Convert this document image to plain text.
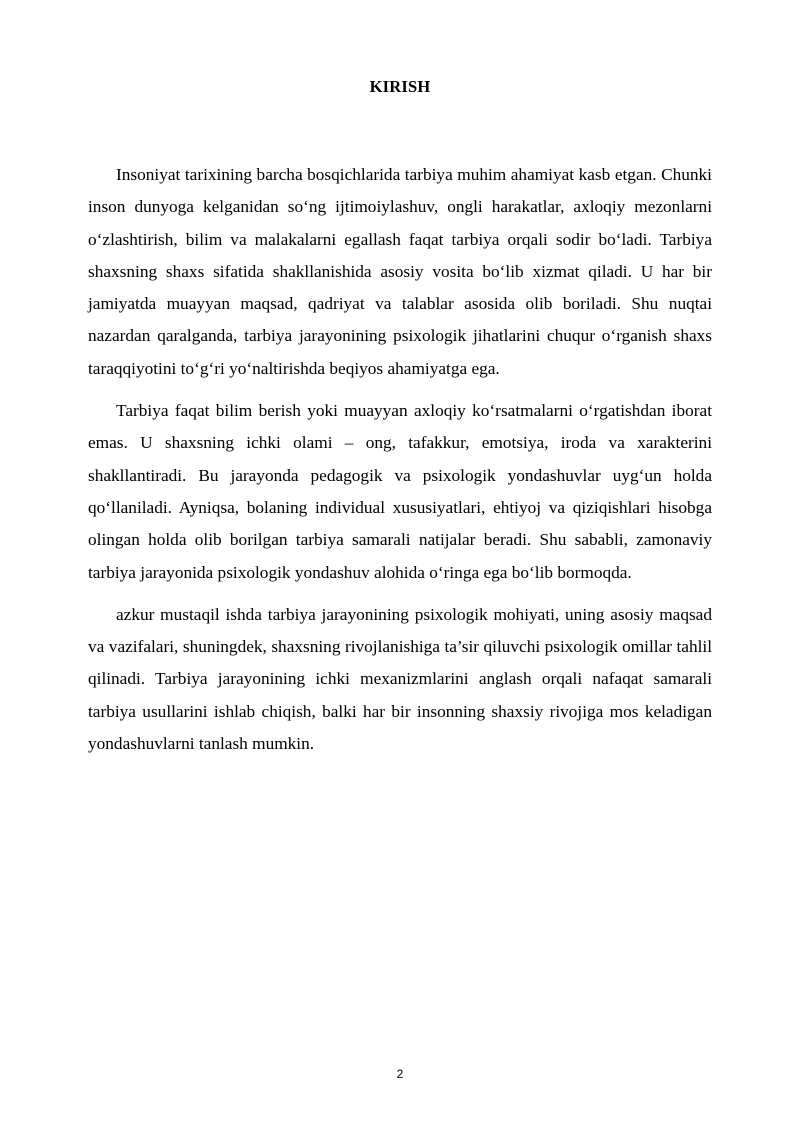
KIRISH

Insoniyat tarixining barcha bosqichlarida tarbiya muhim ahamiyat kasb etgan. Chunki inson dunyoga kelganidan so‘ng ijtimoiylashuv, ongli harakatlar, axloqiy mezonlarni o‘zlashtirish, bilim va malakalarni egallash faqat tarbiya orqali sodir bo‘ladi. Tarbiya shaxsning shaxs sifatida shakllanishida asosiy vosita bo‘lib xizmat qiladi. U har bir jamiyatda muayyan maqsad, qadriyat va talablar asosida olib boriladi. Shu nuqtai nazardan qaralganda, tarbiya jarayonining psixologik jihatlarini chuqur o‘rganish shaxs taraqqiyotini to‘g‘ri yo‘naltirishda beqiyos ahamiyatga ega.

Tarbiya faqat bilim berish yoki muayyan axloqiy ko‘rsatmalarni o‘rgatishdan iborat emas. U shaxsning ichki olami – ong, tafakkur, emotsiya, iroda va xarakterini shakllantiradi. Bu jarayonda pedagogik va psixologik yondashuvlar uyg‘un holda qo‘llaniladi. Ayniqsa, bolaning individual xususiyatlari, ehtiyoj va qiziqishlari hisobga olingan holda olib borilgan tarbiya samarali natijalar beradi. Shu sababli, zamonaviy tarbiya jarayonida psixologik yondashuv alohida o‘ringa ega bo‘lib bormoqda.

azkur mustaqil ishda tarbiya jarayonining psixologik mohiyati, uning asosiy maqsad va vazifalari, shuningdek, shaxsning rivojlanishiga ta’sir qiluvchi psixologik omillar tahlil qilinadi. Tarbiya jarayonining ichki mexanizmlarini anglash orqali nafaqat samarali tarbiya usullarini ishlab chiqish, balki har bir insonning shaxsiy rivojiga mos keladigan yondashuvlarni tanlash mumkin.

2
